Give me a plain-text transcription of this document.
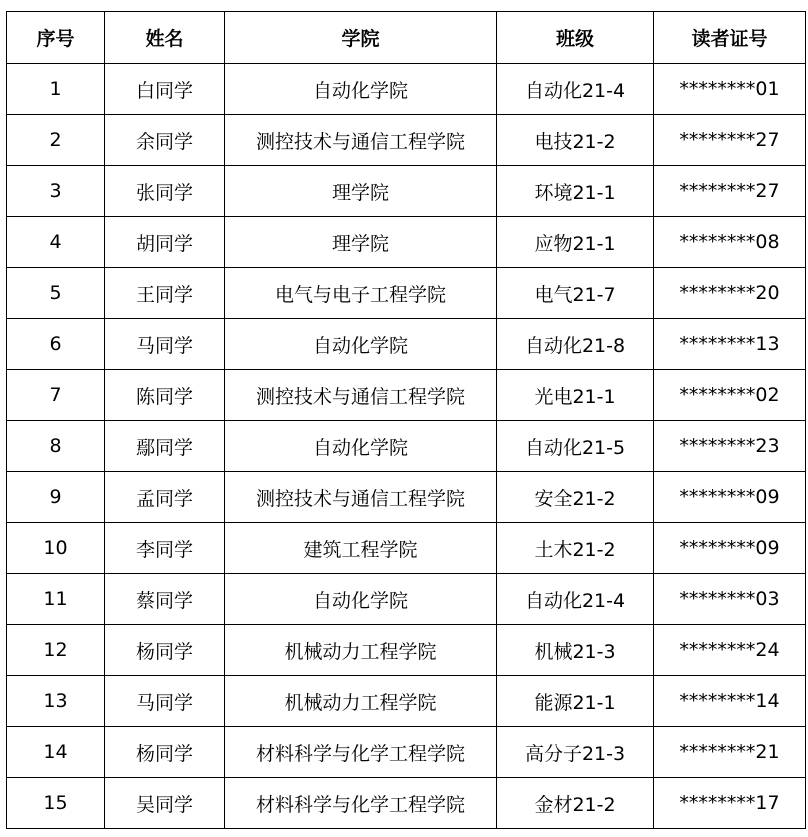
序号	姓名	学院	班级	读者证号
1	白同学	自动化学院	自动化21-4	********01
2	余同学	测控技术与通信工程学院	电技21-2	********27
3	张同学	理学院	环境21-1	********27
4	胡同学	理学院	应物21-1	********08
5	王同学	电气与电子工程学院	电气21-7	********20
6	马同学	自动化学院	自动化21-8	********13
7	陈同学	测控技术与通信工程学院	光电21-1	********02
8	鄢同学	自动化学院	自动化21-5	********23
9	孟同学	测控技术与通信工程学院	安全21-2	********09
10	李同学	建筑工程学院	土木21-2	********09
11	蔡同学	自动化学院	自动化21-4	********03
12	杨同学	机械动力工程学院	机械21-3	********24
13	马同学	机械动力工程学院	能源21-1	********14
14	杨同学	材料科学与化学工程学院	高分子21-3	********21
15	吴同学	材料科学与化学工程学院	金材21-2	********17
